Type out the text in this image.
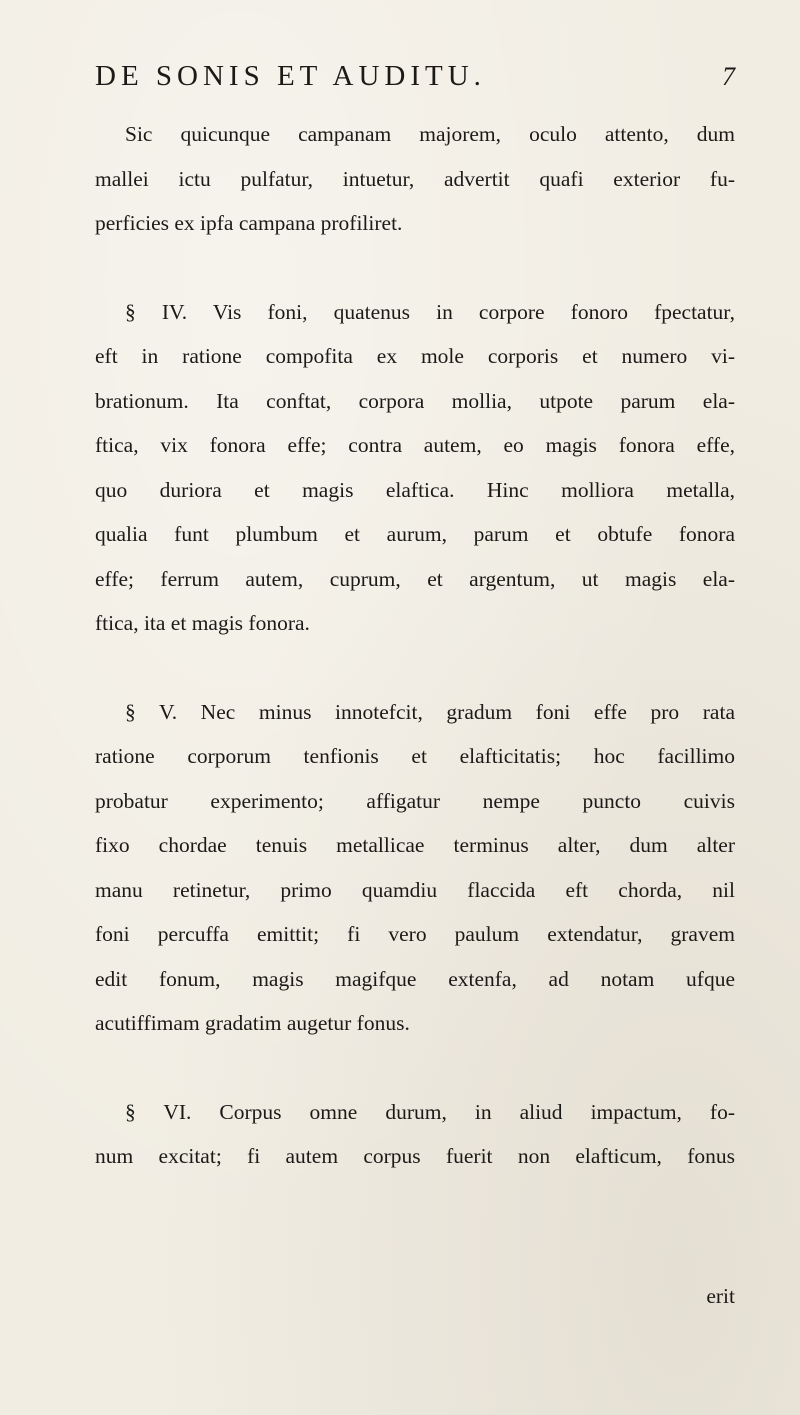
DE SONIS ET AUDITU.	7

Sic quicunque campanam majorem, oculo attento, dum
mallei ictu pulfatur, intuetur, advertit quafi exterior fu-
perficies ex ipfa campana profiliret.

§ IV. Vis foni, quatenus in corpore fonoro fpectatur,
eft in ratione compofita ex mole corporis et numero vi-
brationum. Ita conftat, corpora mollia, utpote parum ela-
ftica, vix fonora effe; contra autem, eo magis fonora effe,
quo duriora et magis elaftica. Hinc molliora metalla,
qualia funt plumbum et aurum, parum et obtufe fonora
effe; ferrum autem, cuprum, et argentum, ut magis ela-
ftica, ita et magis fonora.

§ V. Nec minus innotefcit, gradum foni effe pro rata
ratione corporum tenfionis et elafticitatis; hoc facillimo
probatur experimento; affigatur nempe puncto cuivis
fixo chordae tenuis metallicae terminus alter, dum alter
manu retinetur, primo quamdiu flaccida eft chorda, nil
foni percuffa emittit; fi vero paulum extendatur, gravem
edit fonum, magis magifque extenfa, ad notam ufque
acutiffimam gradatim augetur fonus.

§ VI. Corpus omne durum, in aliud impactum, fo-
num excitat; fi autem corpus fuerit non elafticum, fonus

erit
